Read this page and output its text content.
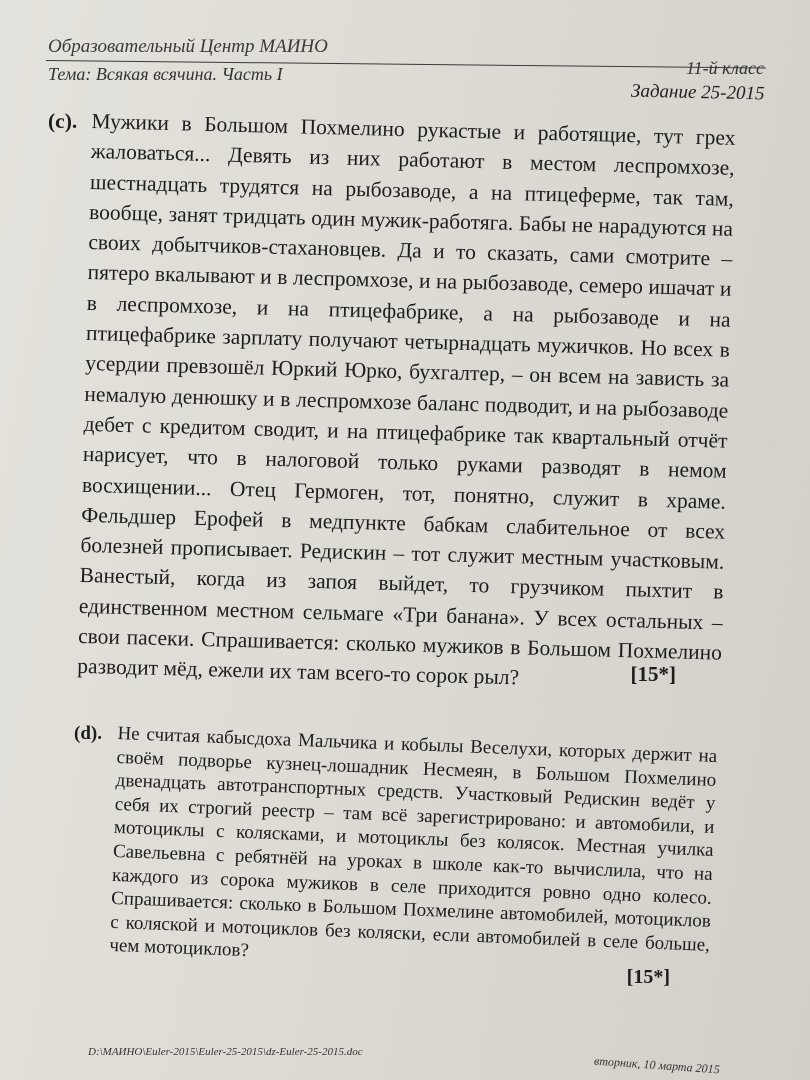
Образовательный Центр МАИНО
Тема: Всякая всячина. Часть I	11-й класс
Задание 25-2015
(c). Мужики в Большом Похмелино рукастые и работящие, тут грех жаловаться... Девять из них работают в местом леспромхозе, шестнадцать трудятся на рыбозаводе, а на птицеферме, так там, вообще, занят тридцать один мужик-работяга. Бабы не нарадуются на своих добытчиков-стахановцев. Да и то сказать, сами смотрите – пятеро вкалывают и в леспромхозе, и на рыбозаводе, семеро ишачат и в леспромхозе, и на птицефабрике, а на рыбозаводе и на птицефабрике зарплату получают четырнадцать мужичков. Но всех в усердии превзошёл Юркий Юрко, бухгалтер, – он всем на зависть за немалую денюшку и в леспромхозе баланс подводит, и на рыбозаводе дебет с кредитом сводит, и на птицефабрике так квартальный отчёт нарисует, что в налоговой только руками разводят в немом восхищении... Отец Гермоген, тот, понятно, служит в храме. Фельдшер Ерофей в медпункте бабкам слабительное от всех болезней прописывает. Редискин – тот служит местным участковым. Ванестый, когда из запоя выйдет, то грузчиком пыхтит в единственном местном сельмаге «Три банана». У всех остальных – свои пасеки. Спрашивается: сколько мужиков в Большом Похмелино разводит мёд, ежели их там всего-то сорок рыл?	[15*]
(d). Не считая кабысдоха Мальчика и кобылы Веселухи, которых держит на своём подворье кузнец-лошадник Несмеян, в Большом Похмелино двенадцать автотранспортных средств. Участковый Редискин ведёт у себя их строгий реестр – там всё зарегистрировано: и автомобили, и мотоциклы с колясками, и мотоциклы без колясок. Местная училка Савельевна с ребятнёй на уроках в школе как-то вычислила, что на каждого из сорока мужиков в селе приходится ровно одно колесо. Спрашивается: сколько в Большом Похмелине автомобилей, мотоциклов с коляской и мотоциклов без коляски, если автомобилей в селе больше, чем мотоциклов?
[15*]
D:\МАИНО\Euler-2015\Euler-25-2015\dz-Euler-25-2015.doc
вторник, 10 марта 2015
